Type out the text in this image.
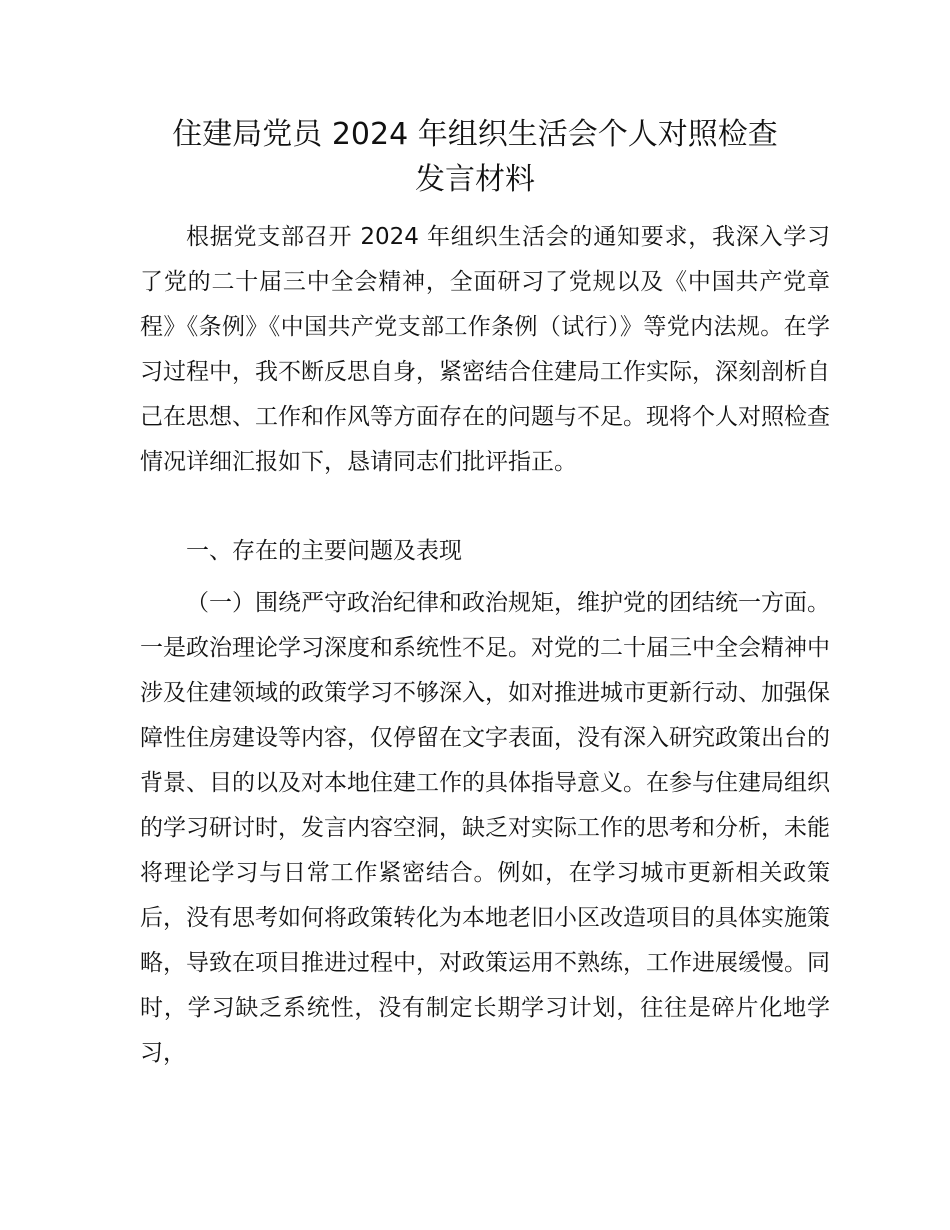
住建局党员 2024 年组织生活会个人对照检查
发言材料

根据党支部召开 2024 年组织生活会的通知要求，我深入学习了党的二十届三中全会精神，全面研习了党规以及《中国共产党章程》《条例》《中国共产党支部工作条例（试行）》等党内法规。在学习过程中，我不断反思自身，紧密结合住建局工作实际，深刻剖析自己在思想、工作和作风等方面存在的问题与不足。现将个人对照检查情况详细汇报如下，恳请同志们批评指正。

一、存在的主要问题及表现

（一）围绕严守政治纪律和政治规矩，维护党的团结统一方面。一是政治理论学习深度和系统性不足。对党的二十届三中全会精神中涉及住建领域的政策学习不够深入，如对推进城市更新行动、加强保障性住房建设等内容，仅停留在文字表面，没有深入研究政策出台的背景、目的以及对本地住建工作的具体指导意义。在参与住建局组织的学习研讨时，发言内容空洞，缺乏对实际工作的思考和分析，未能将理论学习与日常工作紧密结合。例如，在学习城市更新相关政策后，没有思考如何将政策转化为本地老旧小区改造项目的具体实施策略，导致在项目推进过程中，对政策运用不熟练，工作进展缓慢。同时，学习缺乏系统性，没有制定长期学习计划，往往是碎片化地学习，
